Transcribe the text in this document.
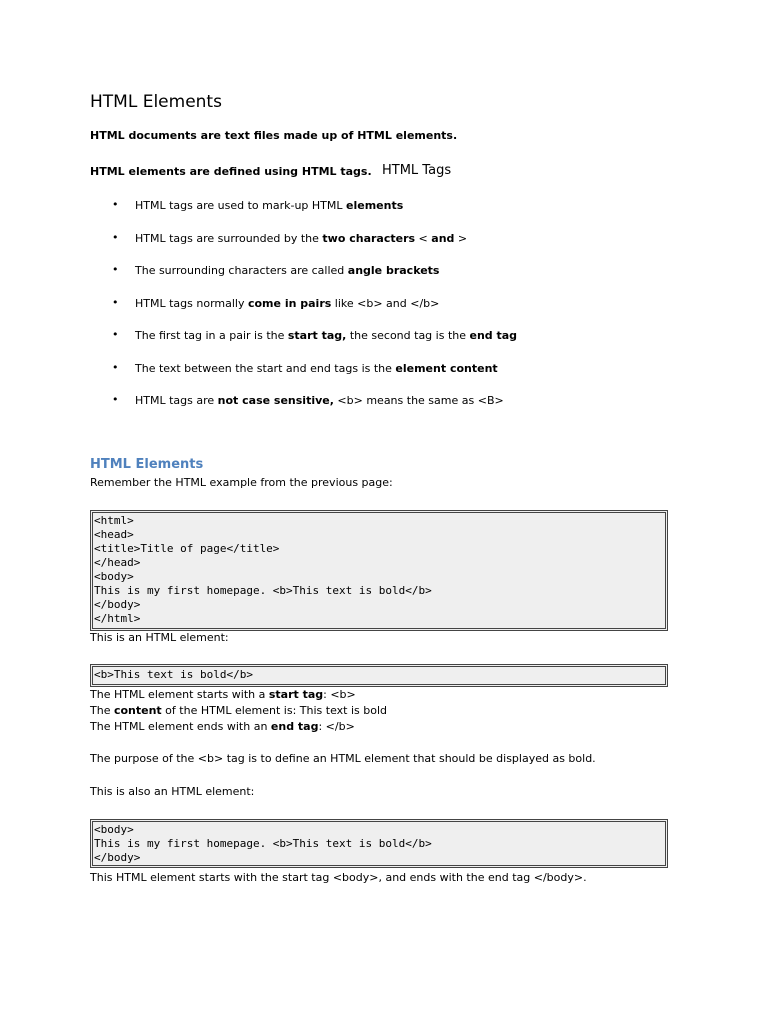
HTML Elements
HTML documents are text files made up of HTML elements.
HTML elements are defined using HTML tags. HTML Tags
• HTML tags are used to mark-up HTML elements
• HTML tags are surrounded by the two characters < and >
• The surrounding characters are called angle brackets
• HTML tags normally come in pairs like <b> and </b>
• The first tag in a pair is the start tag, the second tag is the end tag
• The text between the start and end tags is the element content
• HTML tags are not case sensitive, <b> means the same as <B>
HTML Elements
Remember the HTML example from the previous page:
<html>
<head>
<title>Title of page</title>
</head>
<body>
This is my first homepage. <b>This text is bold</b>
</body>
</html>
This is an HTML element:
<b>This text is bold</b>
The HTML element starts with a start tag: <b>
The content of the HTML element is: This text is bold
The HTML element ends with an end tag: </b>
The purpose of the <b> tag is to define an HTML element that should be displayed as bold.
This is also an HTML element:
<body>
This is my first homepage. <b>This text is bold</b>
</body>
This HTML element starts with the start tag <body>, and ends with the end tag </body>.
